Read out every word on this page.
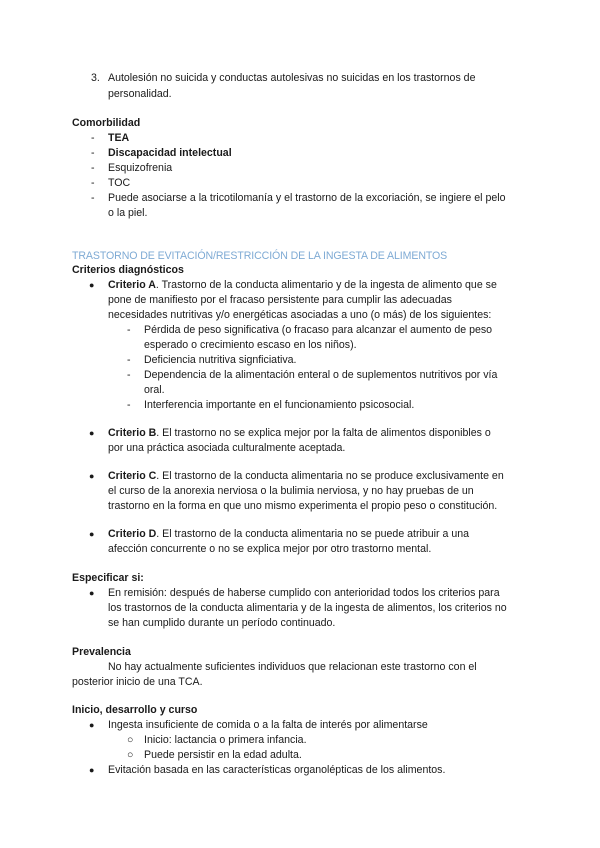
3. Autolesión no suicida y conductas autolesivas no suicidas en los trastornos de
personalidad.
Comorbilidad
- TEA
- Discapacidad intelectual
- Esquizofrenia
- TOC
- Puede asociarse a la tricotilomanía y el trastorno de la excoriación, se ingiere el pelo
o la piel.
TRASTORNO DE EVITACIÓN/RESTRICCIÓN DE LA INGESTA DE ALIMENTOS
Criterios diagnósticos
● Criterio A. Trastorno de la conducta alimentario y de la ingesta de alimento que se
pone de manifiesto por el fracaso persistente para cumplir las adecuadas
necesidades nutritivas y/o energéticas asociadas a uno (o más) de los siguientes:
- Pérdida de peso significativa (o fracaso para alcanzar el aumento de peso
esperado o crecimiento escaso en los niños).
- Deficiencia nutritiva signficiativa.
- Dependencia de la alimentación enteral o de suplementos nutritivos por vía
oral.
- Interferencia importante en el funcionamiento psicosocial.
● Criterio B. El trastorno no se explica mejor por la falta de alimentos disponibles o
por una práctica asociada culturalmente aceptada.
● Criterio C. El trastorno de la conducta alimentaria no se produce exclusivamente en
el curso de la anorexia nerviosa o la bulimia nerviosa, y no hay pruebas de un
trastorno en la forma en que uno mismo experimenta el propio peso o constitución.
● Criterio D. El trastorno de la conducta alimentaria no se puede atribuir a una
afección concurrente o no se explica mejor por otro trastorno mental.
Especificar si:
● En remisión: después de haberse cumplido con anterioridad todos los criterios para
los trastornos de la conducta alimentaria y de la ingesta de alimentos, los criterios no
se han cumplido durante un período continuado.
Prevalencia
No hay actualmente suficientes individuos que relacionan este trastorno con el
posterior inicio de una TCA.
Inicio, desarrollo y curso
● Ingesta insuficiente de comida o a la falta de interés por alimentarse
○ Inicio: lactancia o primera infancia.
○ Puede persistir en la edad adulta.
● Evitación basada en las características organolépticas de los alimentos.
